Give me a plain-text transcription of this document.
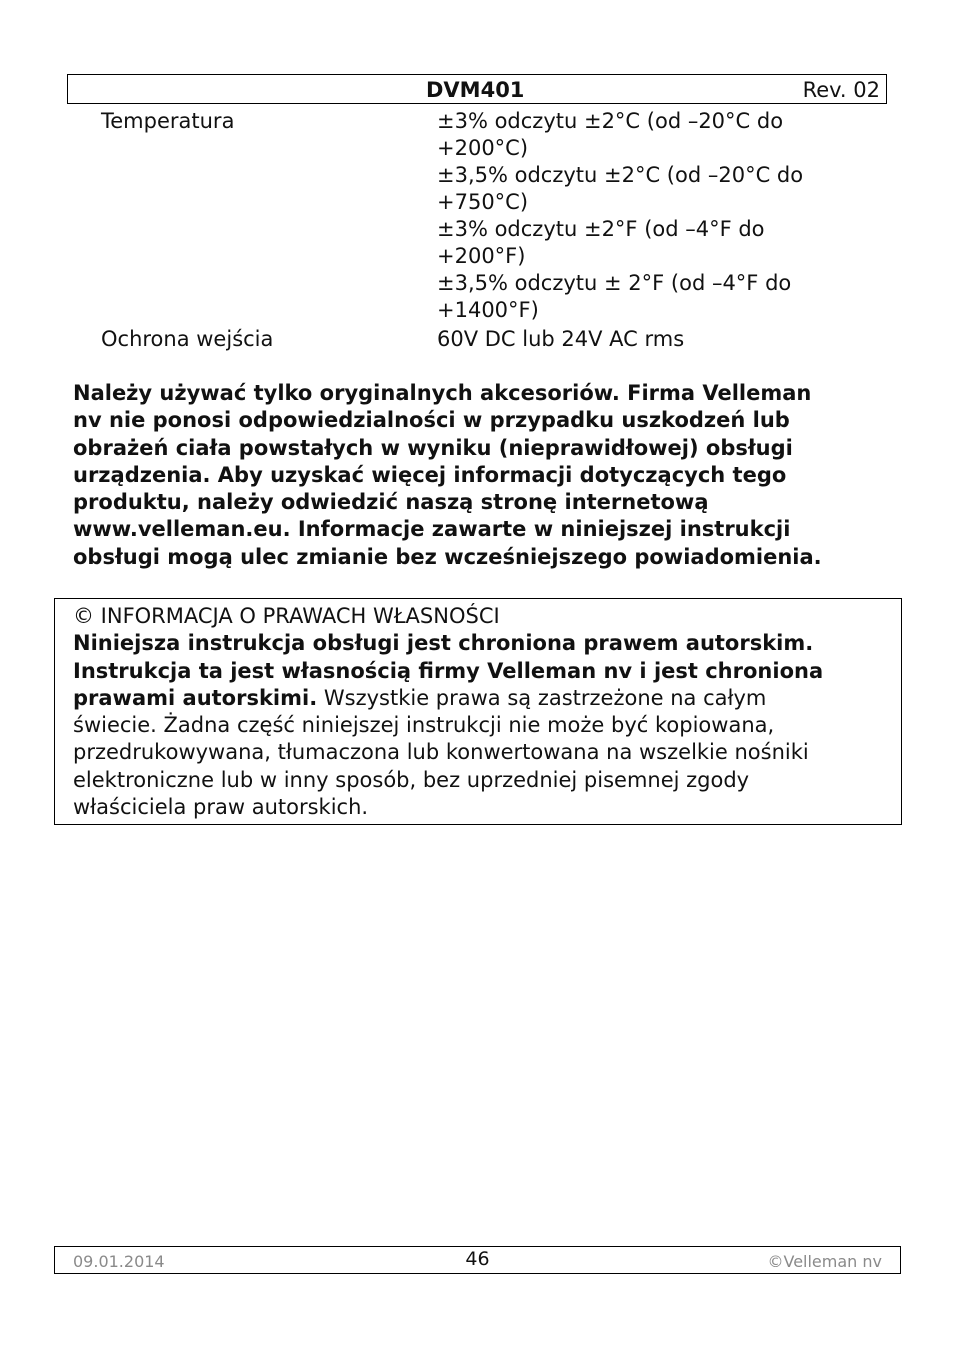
DVM401	Rev. 02
Temperatura	±3% odczytu ±2°C (od –20°C do
+200°C)
±3,5% odczytu ±2°C (od –20°C do
+750°C)
±3% odczytu ±2°F (od –4°F do
+200°F)
±3,5% odczytu ± 2°F (od –4°F do
+1400°F)
Ochrona wejścia	60V DC lub 24V AC rms
Należy używać tylko oryginalnych akcesoriów. Firma Velleman
nv nie ponosi odpowiedzialności w przypadku uszkodzeń lub
obrażeń ciała powstałych w wyniku (nieprawidłowej) obsługi
urządzenia. Aby uzyskać więcej informacji dotyczących tego
produktu, należy odwiedzić naszą stronę internetową
www.velleman.eu. Informacje zawarte w niniejszej instrukcji
obsługi mogą ulec zmianie bez wcześniejszego powiadomienia.
© INFORMACJA O PRAWACH WŁASNOŚCI
Niniejsza instrukcja obsługi jest chroniona prawem autorskim.
Instrukcja ta jest własnością firmy Velleman nv i jest chroniona
prawami autorskimi. Wszystkie prawa są zastrzeżone na całym
świecie. Żadna część niniejszej instrukcji nie może być kopiowana,
przedrukowywana, tłumaczona lub konwertowana na wszelkie nośniki
elektroniczne lub w inny sposób, bez uprzedniej pisemnej zgody
właściciela praw autorskich.
09.01.2014	46	©Velleman nv
